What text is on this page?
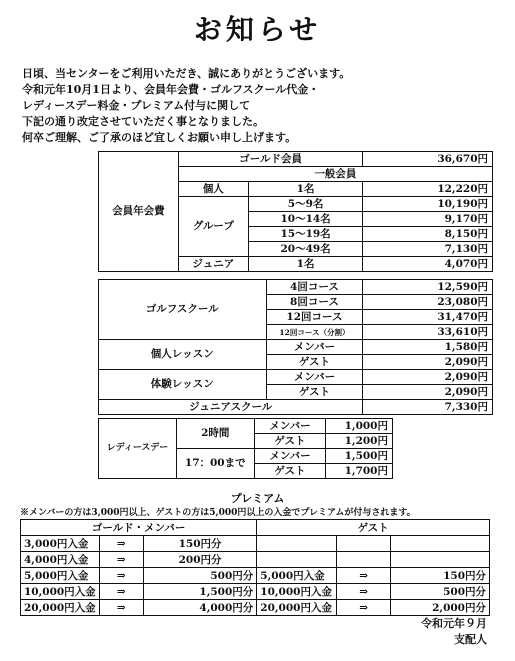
お知らせ
日頃、当センターをご利用いただき、誠にありがとうございます。
令和元年10月1日より、会員年会費・ゴルフスクール代金・
レディースデー料金・プレミアム付与に関して
下記の通り改定させていただく事となりました。
何卒ご理解、ご了承のほど宜しくお願い申し上げます。
会員年会費	ゴールド会員		36,670円
	一般会員		
	個人	1名	12,220円
	グループ	5〜9名	10,190円
		10〜14名	9,170円
		15〜19名	8,150円
		20〜49名	7,130円
	ジュニア	1名	4,070円
ゴルフスクール	4回コース	12,590円
	8回コース	23,080円
	12回コース	31,470円
	12回コース（分割）	33,610円
個人レッスン	メンバー	1,580円
	ゲスト	2,090円
体験レッスン	メンバー	2,090円
	ゲスト	2,090円
ジュニアスクール		7,330円
レディースデー	2時間	メンバー	1,000円
		ゲスト	1,200円
	17：00まで	メンバー	1,500円
		ゲスト	1,700円
プレミアム
※メンバーの方は3,000円以上、ゲストの方は5,000円以上の入金でプレミアムが付与されます。
ゴールド・メンバー			ゲスト		
3,000円入金	⇒	150円分			
4,000円入金	⇒	200円分			
5,000円入金	⇒	500円分	5,000円入金	⇒	150円分
10,000円入金	⇒	1,500円分	10,000円入金	⇒	500円分
20,000円入金	⇒	4,000円分	20,000円入金	⇒	2,000円分
令和元年９月
支配人
